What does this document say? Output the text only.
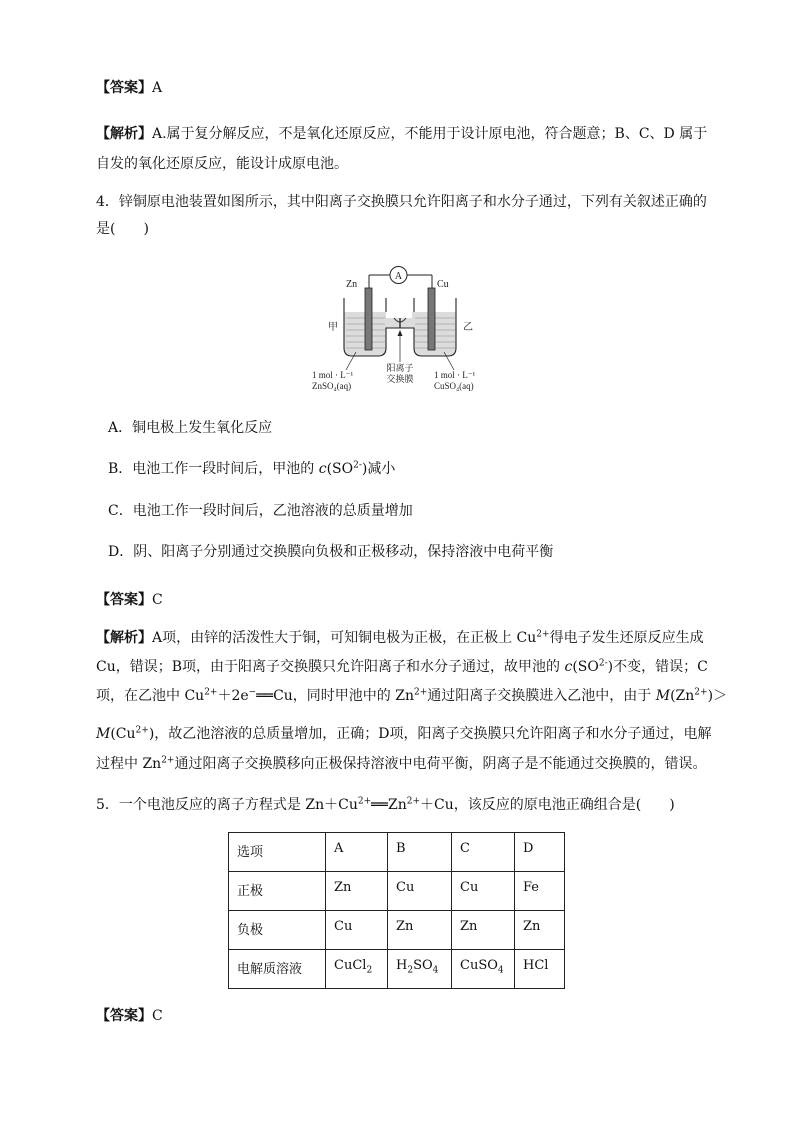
【答案】A
【解析】A.属于复分解反应，不是氧化还原反应，不能用于设计原电池，符合题意；B、C、D 属于
自发的氧化还原反应，能设计成原电池。
4．锌铜原电池装置如图所示，其中阳离子交换膜只允许阳离子和水分子通过，下列有关叙述正确的
是(　　)
A
Zn	Cu
甲	乙
1 mol · L⁻¹
ZnSO₄(aq)
阳离子
交换膜 1 mol · L⁻¹
CuSO₄(aq)
A．铜电极上发生氧化反应
B．电池工作一段时间后，甲池的 $c(SO^{2-})$减小
C．电池工作一段时间后，乙池溶液的总质量增加
D．阴、阳离子分别通过交换膜向负极和正极移动，保持溶液中电荷平衡
【答案】C
【解析】A项，由锌的活泼性大于铜，可知铜电极为正极，在正极上 $Cu^{2+}$得电子发生还原反应生成
Cu，错误；B项，由于阳离子交换膜只允许阳离子和水分子通过，故甲池的 $c(SO^{2-})$不变，错误；C
项，在乙池中 $Cu^{2+}+2e^-══Cu$，同时甲池中的 $Zn^{2+}$通过阳离子交换膜进入乙池中，由于 $M(Zn^{2+})>$
$M(Cu^{2+})$，故乙池溶液的总质量增加，正确；D项，阳离子交换膜只允许阳离子和水分子通过，电解
过程中 $Zn^{2+}$通过阳离子交换膜移向正极保持溶液中电荷平衡，阴离子是不能通过交换膜的，错误。
5．一个电池反应的离子方程式是 $Zn+Cu^{2+}══Zn^{2+}+Cu$，该反应的原电池正确组合是(　　)
选项	A	B	C	D
正极	Zn	Cu	Cu	Fe
负极	Cu	Zn	Zn	Zn
电解质溶液	CuCl$_2$	$H_2SO_4$	CuSO$_4$	HCl
【答案】C
